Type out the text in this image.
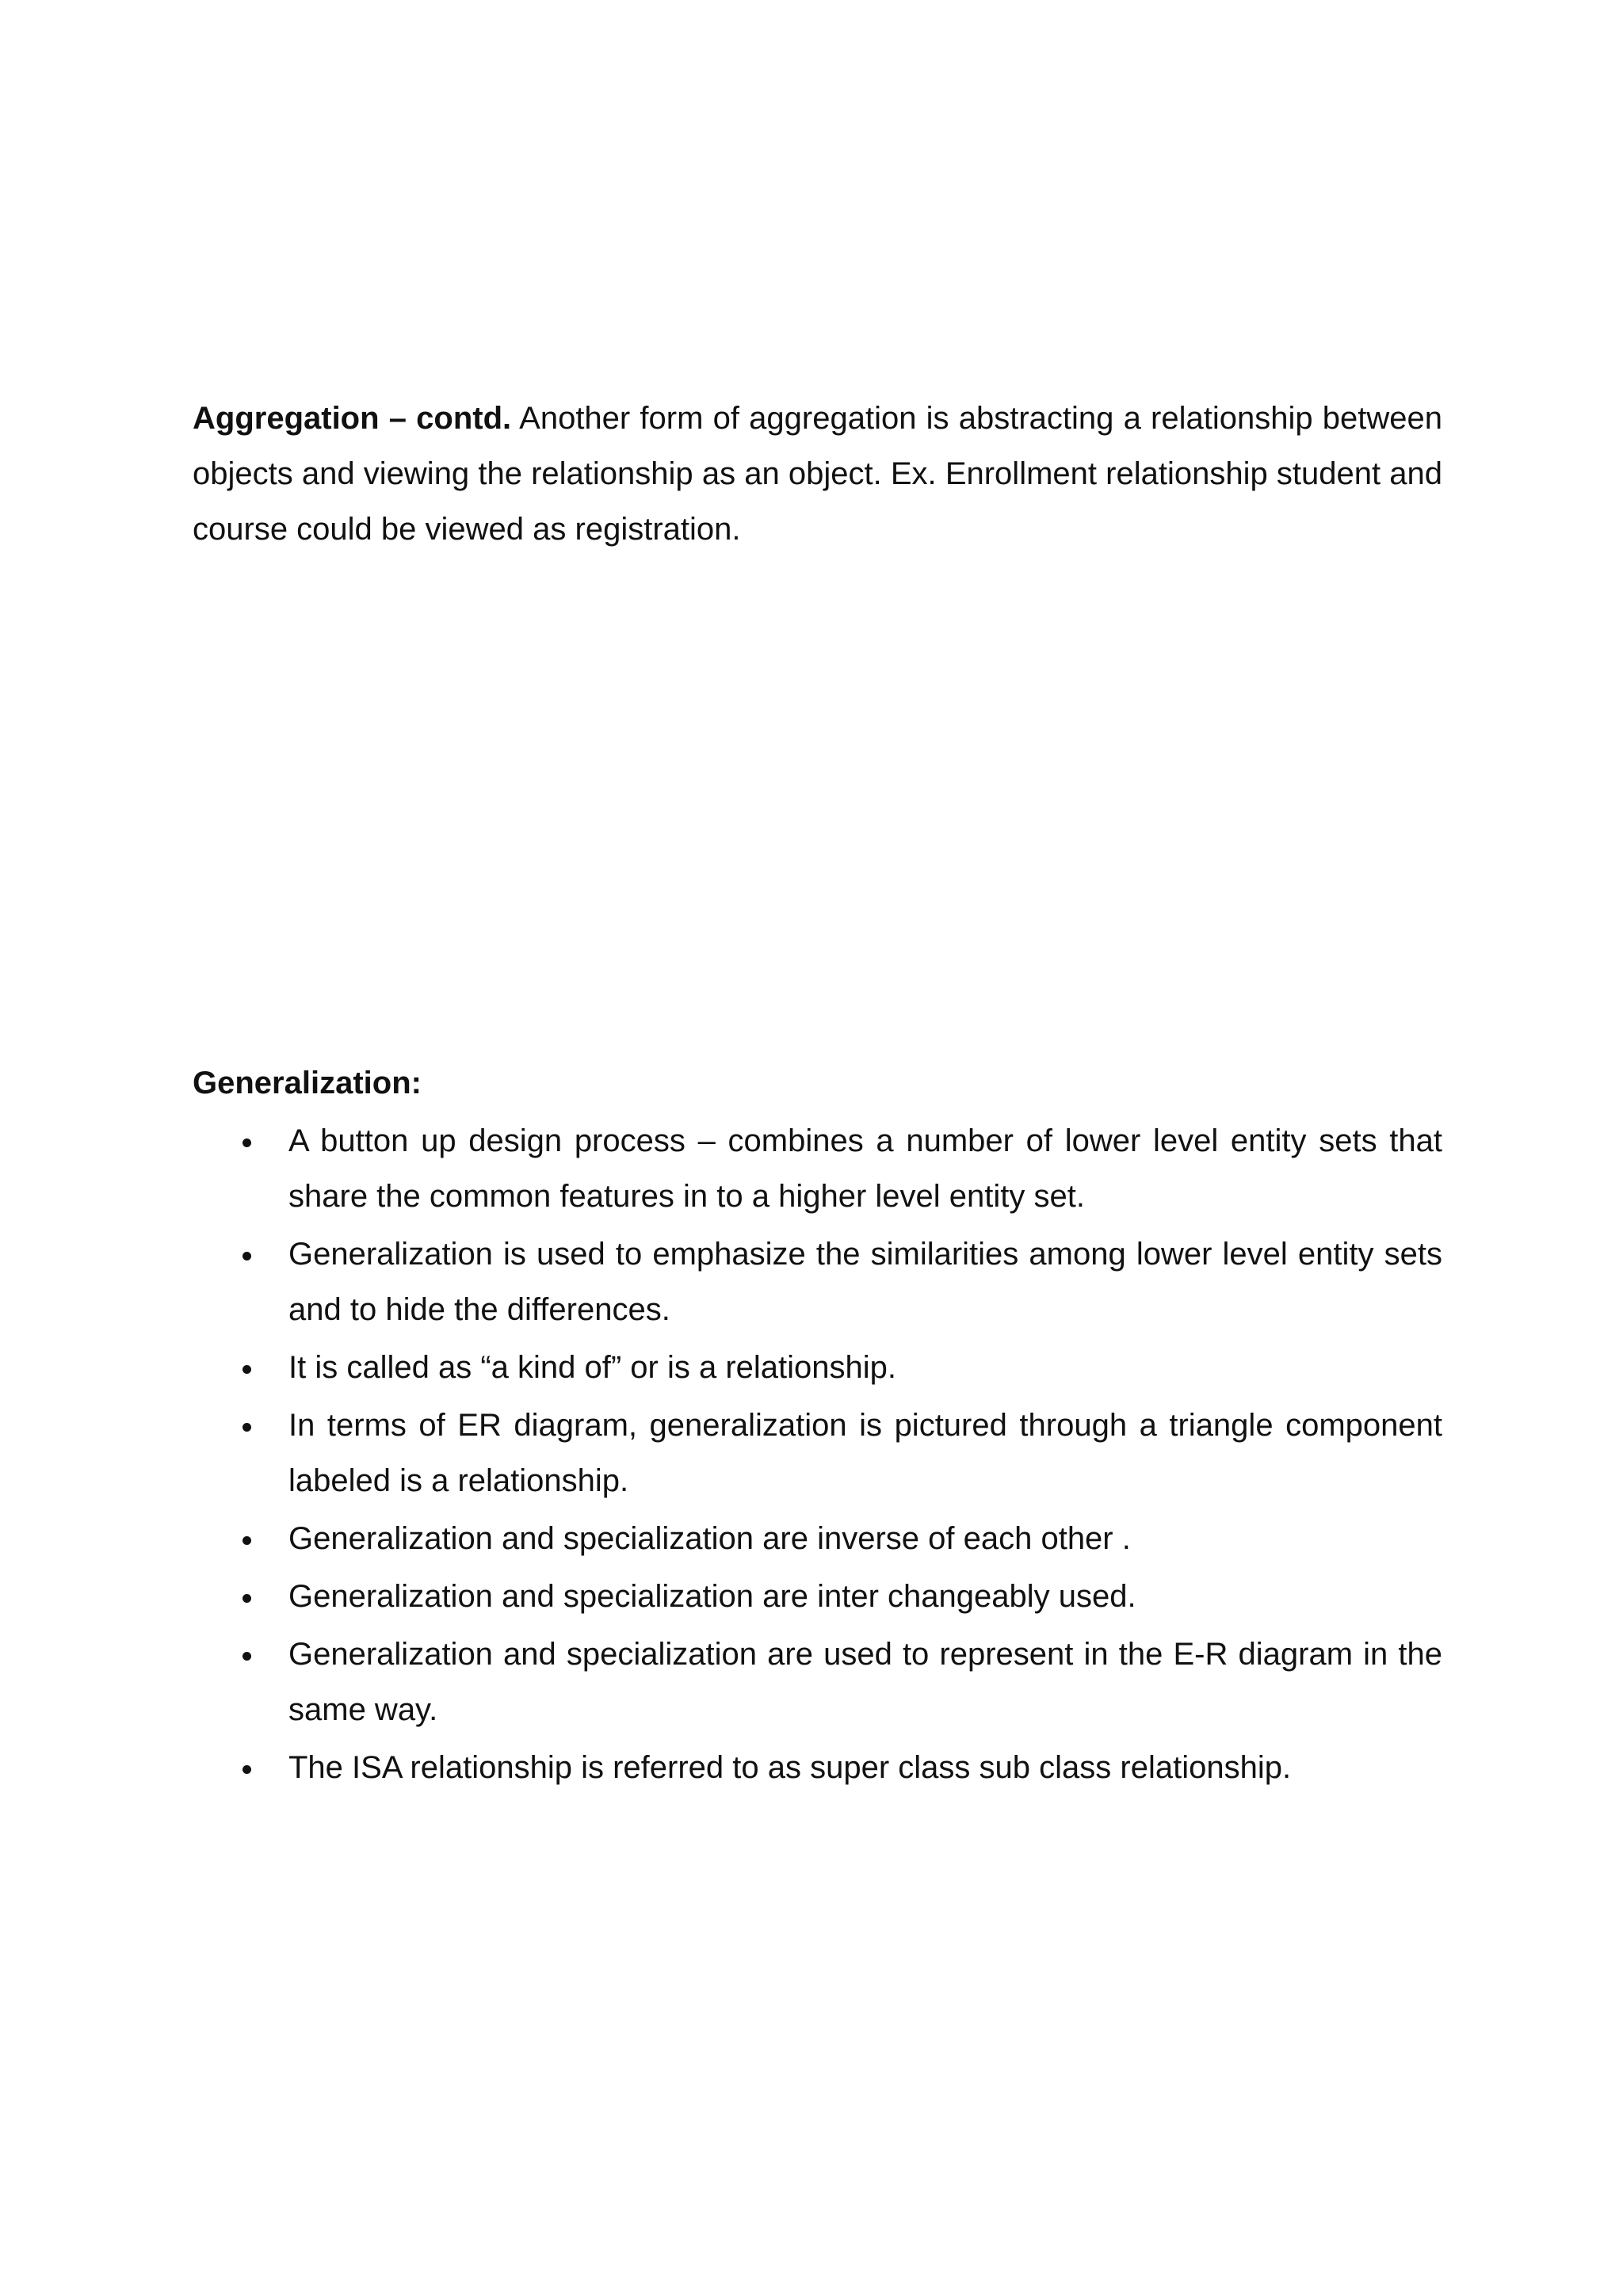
Aggregation – contd. Another form of aggregation is abstracting a relationship between objects and viewing the relationship as an object. Ex. Enrollment relationship student and course could be viewed as registration.

Generalization:

A button up design process – combines a number of lower level entity sets that share the common features in to a higher level entity set.
Generalization is used to emphasize the similarities among lower level entity sets and to hide the differences.
It is called as “a kind of” or is a relationship.
In terms of ER diagram, generalization is pictured through a triangle component labeled is a relationship.
Generalization and specialization are inverse of each other .
Generalization and specialization are inter changeably used.
Generalization and specialization are used to represent in the E-R diagram in the same way.
The ISA relationship is referred to as super class sub class relationship.
